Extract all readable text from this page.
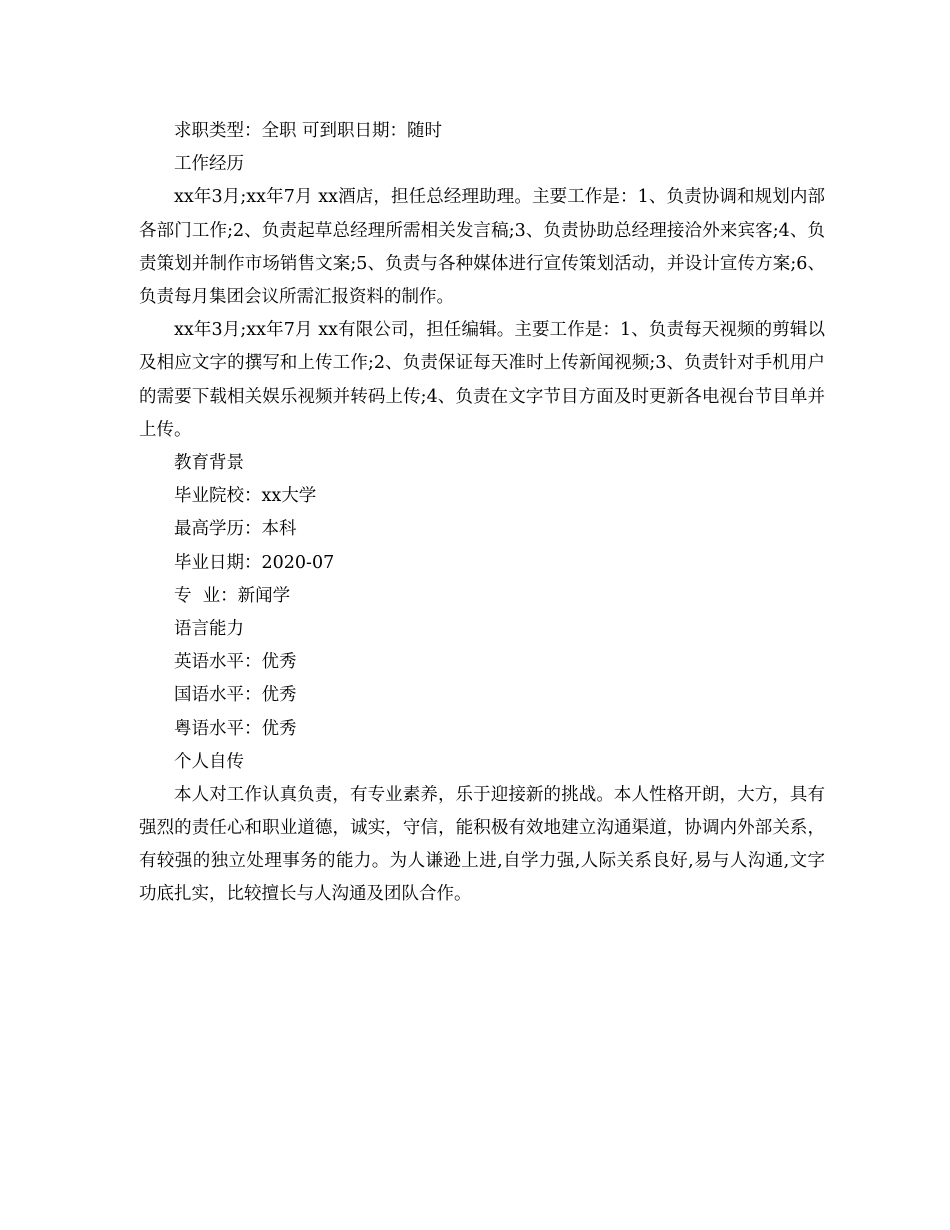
求职类型：全职 可到职日期：随时

工作经历

xx年3月;xx年7月 xx酒店，担任总经理助理。主要工作是：1、负责协调和规划内部各部门工作;2、负责起草总经理所需相关发言稿;3、负责协助总经理接洽外来宾客;4、负责策划并制作市场销售文案;5、负责与各种媒体进行宣传策划活动，并设计宣传方案;6、负责每月集团会议所需汇报资料的制作。

xx年3月;xx年7月 xx有限公司，担任编辑。主要工作是：1、负责每天视频的剪辑以及相应文字的撰写和上传工作;2、负责保证每天准时上传新闻视频;3、负责针对手机用户的需要下载相关娱乐视频并转码上传;4、负责在文字节目方面及时更新各电视台节目单并上传。

教育背景

毕业院校：xx大学

最高学历：本科

毕业日期：2020-07

专  业：新闻学

语言能力

英语水平：优秀

国语水平：优秀

粤语水平：优秀

个人自传

本人对工作认真负责，有专业素养，乐于迎接新的挑战。本人性格开朗，大方，具有强烈的责任心和职业道德，诚实，守信，能积极有效地建立沟通渠道，协调内外部关系，有较强的独立处理事务的能力。为人谦逊上进,自学力强,人际关系良好,易与人沟通,文字功底扎实，比较擅长与人沟通及团队合作。
